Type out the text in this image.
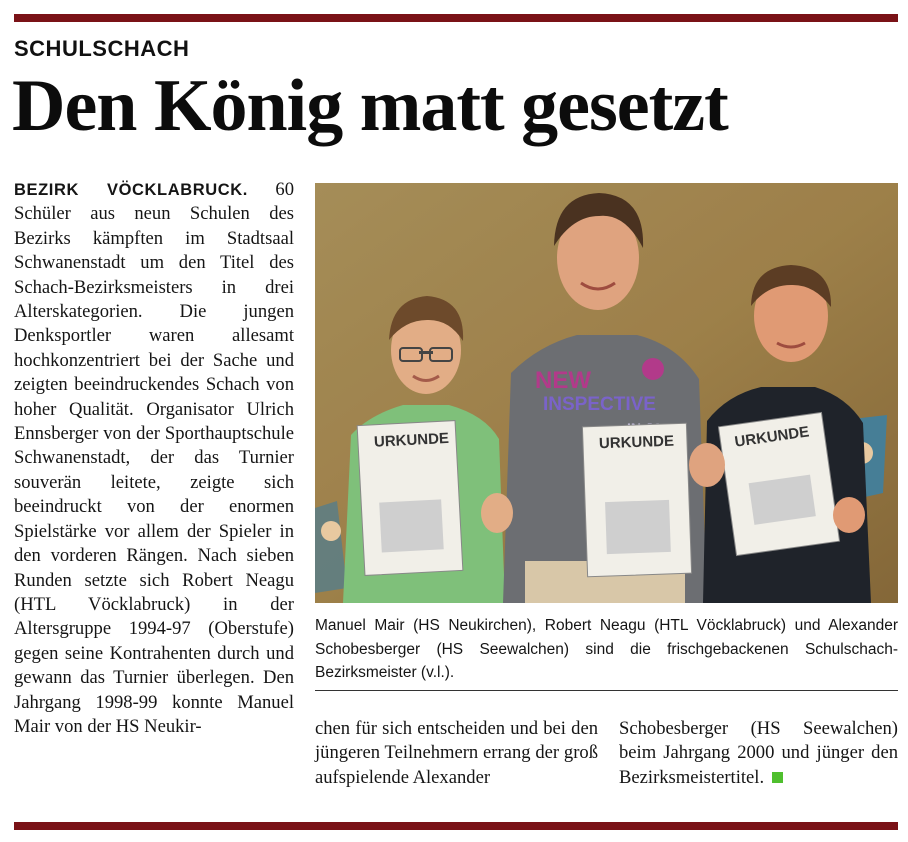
SCHULSCHACH
Den König matt gesetzt

BEZIRK VÖCKLABRUCK. 60 Schüler aus neun Schulen des Bezirks kämpften im Stadtsaal Schwanenstadt um den Titel des Schach-Bezirksmeisters in drei Alterskategorien. Die jungen Denksportler waren allesamt hochkonzentriert bei der Sache und zeigten beeindruckendes Schach von hoher Qualität. Organisator Ulrich Ennsberger von der Sporthauptschule Schwanenstadt, der das Turnier souverän leitete, zeigte sich beeindruckt von der enormen Spielstärke vor allem der Spieler in den vorderen Rängen. Nach sieben Runden setzte sich Robert Neagu (HTL Vöcklabruck) in der Altersgruppe 1994-97 (Oberstufe) gegen seine Kontrahenten durch und gewann das Turnier überlegen. Den Jahrgang 1998-99 konnte Manuel Mair von der HS Neukir-

NEW
INSPECTIVE
URKUNDE	URKUNDE	URKUNDE
Manuel Mair (HS Neukirchen), Robert Neagu (HTL Vöcklabruck) und Alexander Schobesberger (HS Seewalchen) sind die frischgebackenen Schulschach-Bezirksmeister (v.l.).

chen für sich entscheiden und bei den jüngeren Teilnehmern errang der groß aufspielende Alexander

Schobesberger (HS Seewalchen) beim Jahrgang 2000 und jünger den Bezirksmeistertitel.
